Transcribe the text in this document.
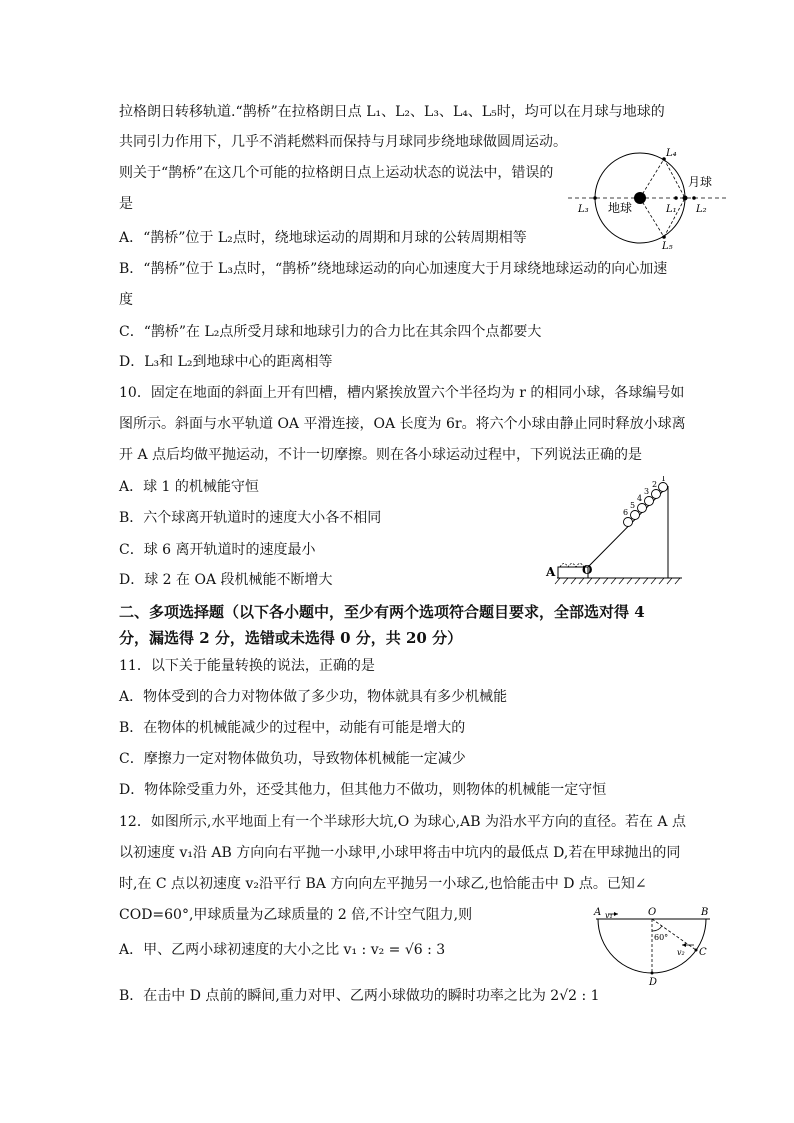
拉格朗日转移轨道.“鹊桥”在拉格朗日点 L₁、L₂、L₃、L₄、L₅时，均可以在月球与地球的
共同引力作用下，几乎不消耗燃料而保持与月球同步绕地球做圆周运动。
则关于“鹊桥”在这几个可能的拉格朗日点上运动状态的说法中，错误的
是
A．“鹊桥”位于 L₂点时，绕地球运动的周期和月球的公转周期相等
B．“鹊桥”位于 L₃点时，“鹊桥”绕地球运动的向心加速度大于月球绕地球运动的向心加速
度
C．“鹊桥”在 L₂点所受月球和地球引力的合力比在其余四个点都要大
D．L₃和 L₂到地球中心的距离相等
10．固定在地面的斜面上开有凹槽，槽内紧挨放置六个半径均为 r 的相同小球，各球编号如
图所示。斜面与水平轨道 OA 平滑连接，OA 长度为 6r。将六个小球由静止同时释放小球离
开 A 点后均做平抛运动，不计一切摩擦。则在各小球运动过程中，下列说法正确的是
A．球 1 的机械能守恒
B．六个球离开轨道时的速度大小各不相同
C．球 6 离开轨道时的速度最小
D．球 2 在 OA 段机械能不断增大
二、多项选择题（以下各小题中，至少有两个选项符合题目要求，全部选对得 4
分，漏选得 2 分，选错或未选得 0 分，共 20 分）
11．以下关于能量转换的说法，正确的是
A．物体受到的合力对物体做了多少功，物体就具有多少机械能
B．在物体的机械能减少的过程中，动能有可能是增大的
C．摩擦力一定对物体做负功，导致物体机械能一定减少
D．物体除受重力外，还受其他力，但其他力不做功，则物体的机械能一定守恒
12．如图所示,水平地面上有一个半球形大坑,O 为球心,AB 为沿水平方向的直径。若在 A 点
以初速度 v₁沿 AB 方向向右平抛一小球甲,小球甲将击中坑内的最低点 D,若在甲球抛出的同
时,在 C 点以初速度 v₂沿平行 BA 方向向左平抛另一小球乙,也恰能击中 D 点。已知∠
COD=60°,甲球质量为乙球质量的 2 倍,不计空气阻力,则
A．甲、乙两小球初速度的大小之比 v₁ : v₂ = √6 : 3
B．在击中 D 点前的瞬间,重力对甲、乙两小球做功的瞬时功率之比为 2√2 : 1
地球
月球
L₁ L₂
L₃
L₄
L₅
1
2
3
4
5
6
A O
A v₁	O	B
60°
v₂ C
D
